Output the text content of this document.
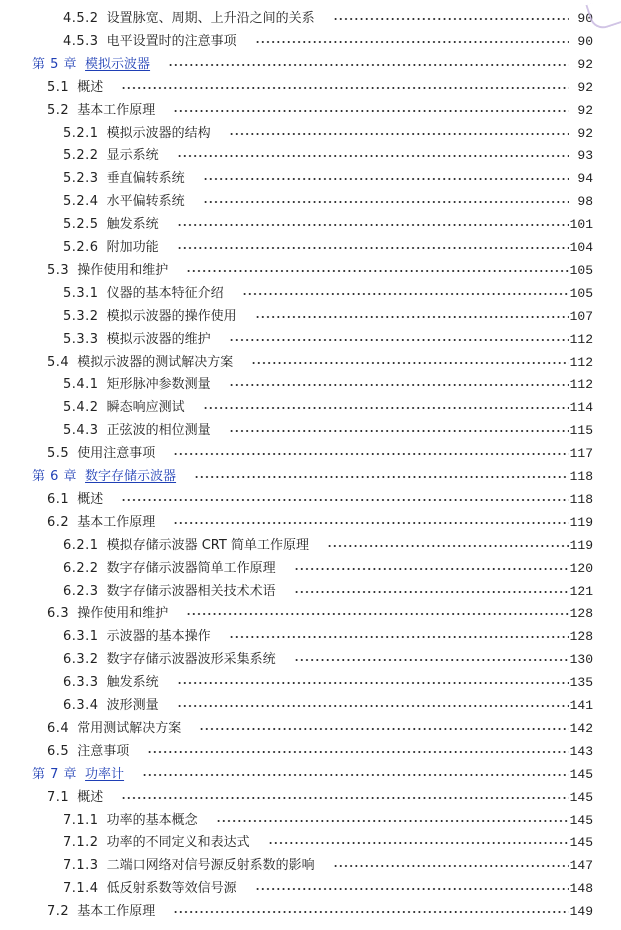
4.5.2 设置脉宽、周期、上升沿之间的关系	90
4.5.3 电平设置时的注意事项	90
第 5 章 模拟示波器	92
5.1 概述	92
5.2 基本工作原理	92
5.2.1 模拟示波器的结构	92
5.2.2 显示系统	93
5.2.3 垂直偏转系统	94
5.2.4 水平偏转系统	98
5.2.5 触发系统	101
5.2.6 附加功能	104
5.3 操作使用和维护	105
5.3.1 仪器的基本特征介绍	105
5.3.2 模拟示波器的操作使用	107
5.3.3 模拟示波器的维护	112
5.4 模拟示波器的测试解决方案	112
5.4.1 矩形脉冲参数测量	112
5.4.2 瞬态响应测试	114
5.4.3 正弦波的相位测量	115
5.5 使用注意事项	117
第 6 章 数字存储示波器	118
6.1 概述	118
6.2 基本工作原理	119
6.2.1 模拟存储示波器 CRT 简单工作原理	119
6.2.2 数字存储示波器简单工作原理	120
6.2.3 数字存储示波器相关技术术语	121
6.3 操作使用和维护	128
6.3.1 示波器的基本操作	128
6.3.2 数字存储示波器波形采集系统	130
6.3.3 触发系统	135
6.3.4 波形测量	141
6.4 常用测试解决方案	142
6.5 注意事项	143
第 7 章 功率计	145
7.1 概述	145
7.1.1 功率的基本概念	145
7.1.2 功率的不同定义和表达式	145
7.1.3 二端口网络对信号源反射系数的影响	147
7.1.4 低反射系数等效信号源	148
7.2 基本工作原理	149
